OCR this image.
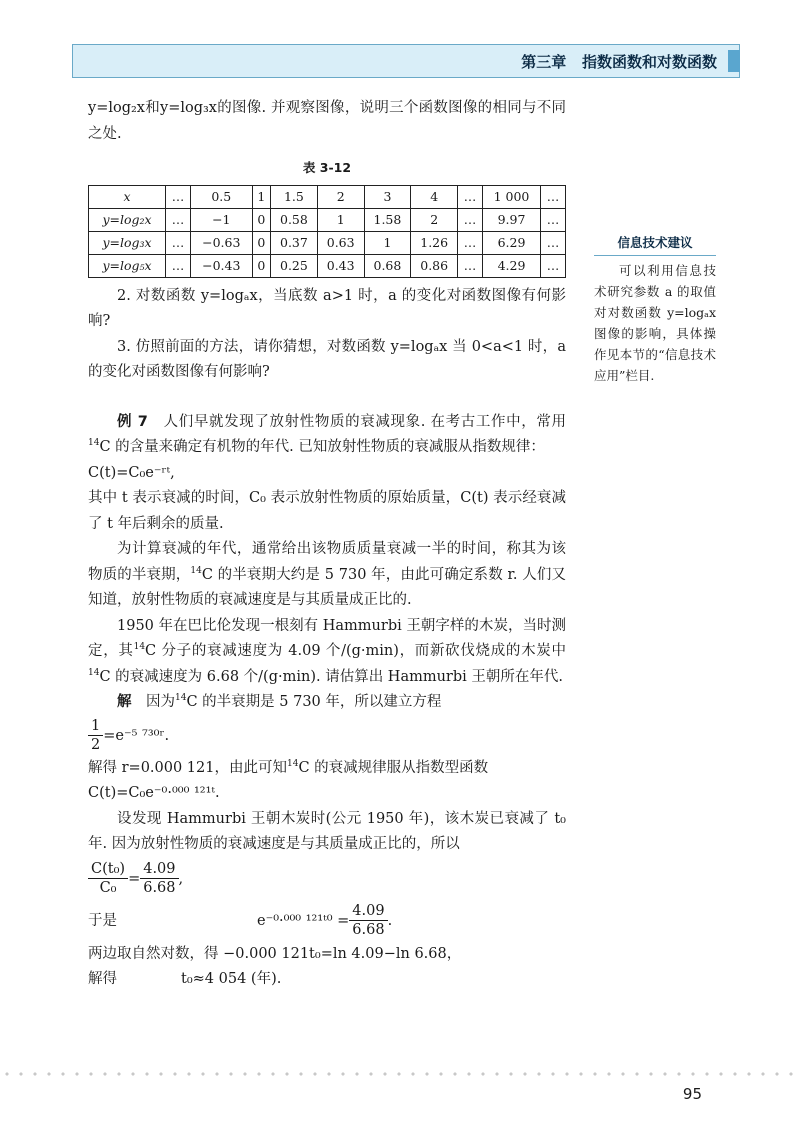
第三章 指数函数和对数函数

y=log₂x和y=log₃x的图像. 并观察图像，说明三个函数图像的相同与不同之处.

表 3-12
x	…	0.5	1	1.5	2	3	4	…	1 000	…
y=log₂x	…	−1	0	0.58	1	1.58	2	…	9.97	…
y=log₃x	…	−0.63	0	0.37	0.63	1	1.26	…	6.29	…
y=log₅x	…	−0.43	0	0.25	0.43	0.68	0.86	…	4.29	…

2. 对数函数 y=logₐx，当底数 a>1 时，a 的变化对函数图像有何影响?

3. 仿照前面的方法，请你猜想，对数函数 y=logₐx 当 0<a<1 时，a 的变化对函数图像有何影响?

例 7　 人们早就发现了放射性物质的衰减现象. 在考古工作中，常用$^{14}$C 的含量来确定有机物的年代. 已知放射性物质的衰减服从指数规律：

C(t)=C₀e⁻ʳᵗ,

其中 t 表示衰减的时间，C₀ 表示放射性物质的原始质量，C(t) 表示经衰减了 t 年后剩余的质量.

为计算衰减的年代，通常给出该物质质量衰减一半的时间，称其为该物质的半衰期，$^{14}$C 的半衰期大约是 5 730 年，由此可确定系数 r. 人们又知道，放射性物质的衰减速度是与其质量成正比的.

1950 年在巴比伦发现一根刻有 Hammurbi 王朝字样的木炭，当时测定，其$^{14}$C 分子的衰减速度为 4.09 个/(g·min)，而新砍伐烧成的木炭中$^{14}$C 的衰减速度为 6.68 个/(g·min). 请估算出 Hammurbi 王朝所在年代.

解　 因为$^{14}$C 的半衰期是 5 730 年，所以建立方程

$\frac{1}{2} =e^{-5}$ ⁷³⁰ʳ.

解得 r=0.000 121，由此可知$^{14}$C 的衰减规律服从指数型函数

C(t)=C₀e⁻⁰·⁰⁰⁰ ¹²¹ᵗ.

设发现 Hammurbi 王朝木炭时(公元 1950 年)，该木炭已衰减了 t₀ 年. 因为放射性物质的衰减速度是与其质量成正比的，所以

$\frac{\text{C(t₀)}}{\text{C₀}} = \frac{4.09}{6.68}$ ,

于是	e⁻⁰·⁰⁰⁰ ¹²¹ᵗ⁰ = $\frac{4.09}{6.68}$ .

两边取自然对数，得 −0.000 121t₀=ln 4.09−ln 6.68，

解得	t₀≈4 054 (年).

信息技术建议
可以利用信息技术研究参数 a 的取值对对数函数 y=logₐx 图像的影响，具体操作见本节的“信息技术应用”栏目.
95
